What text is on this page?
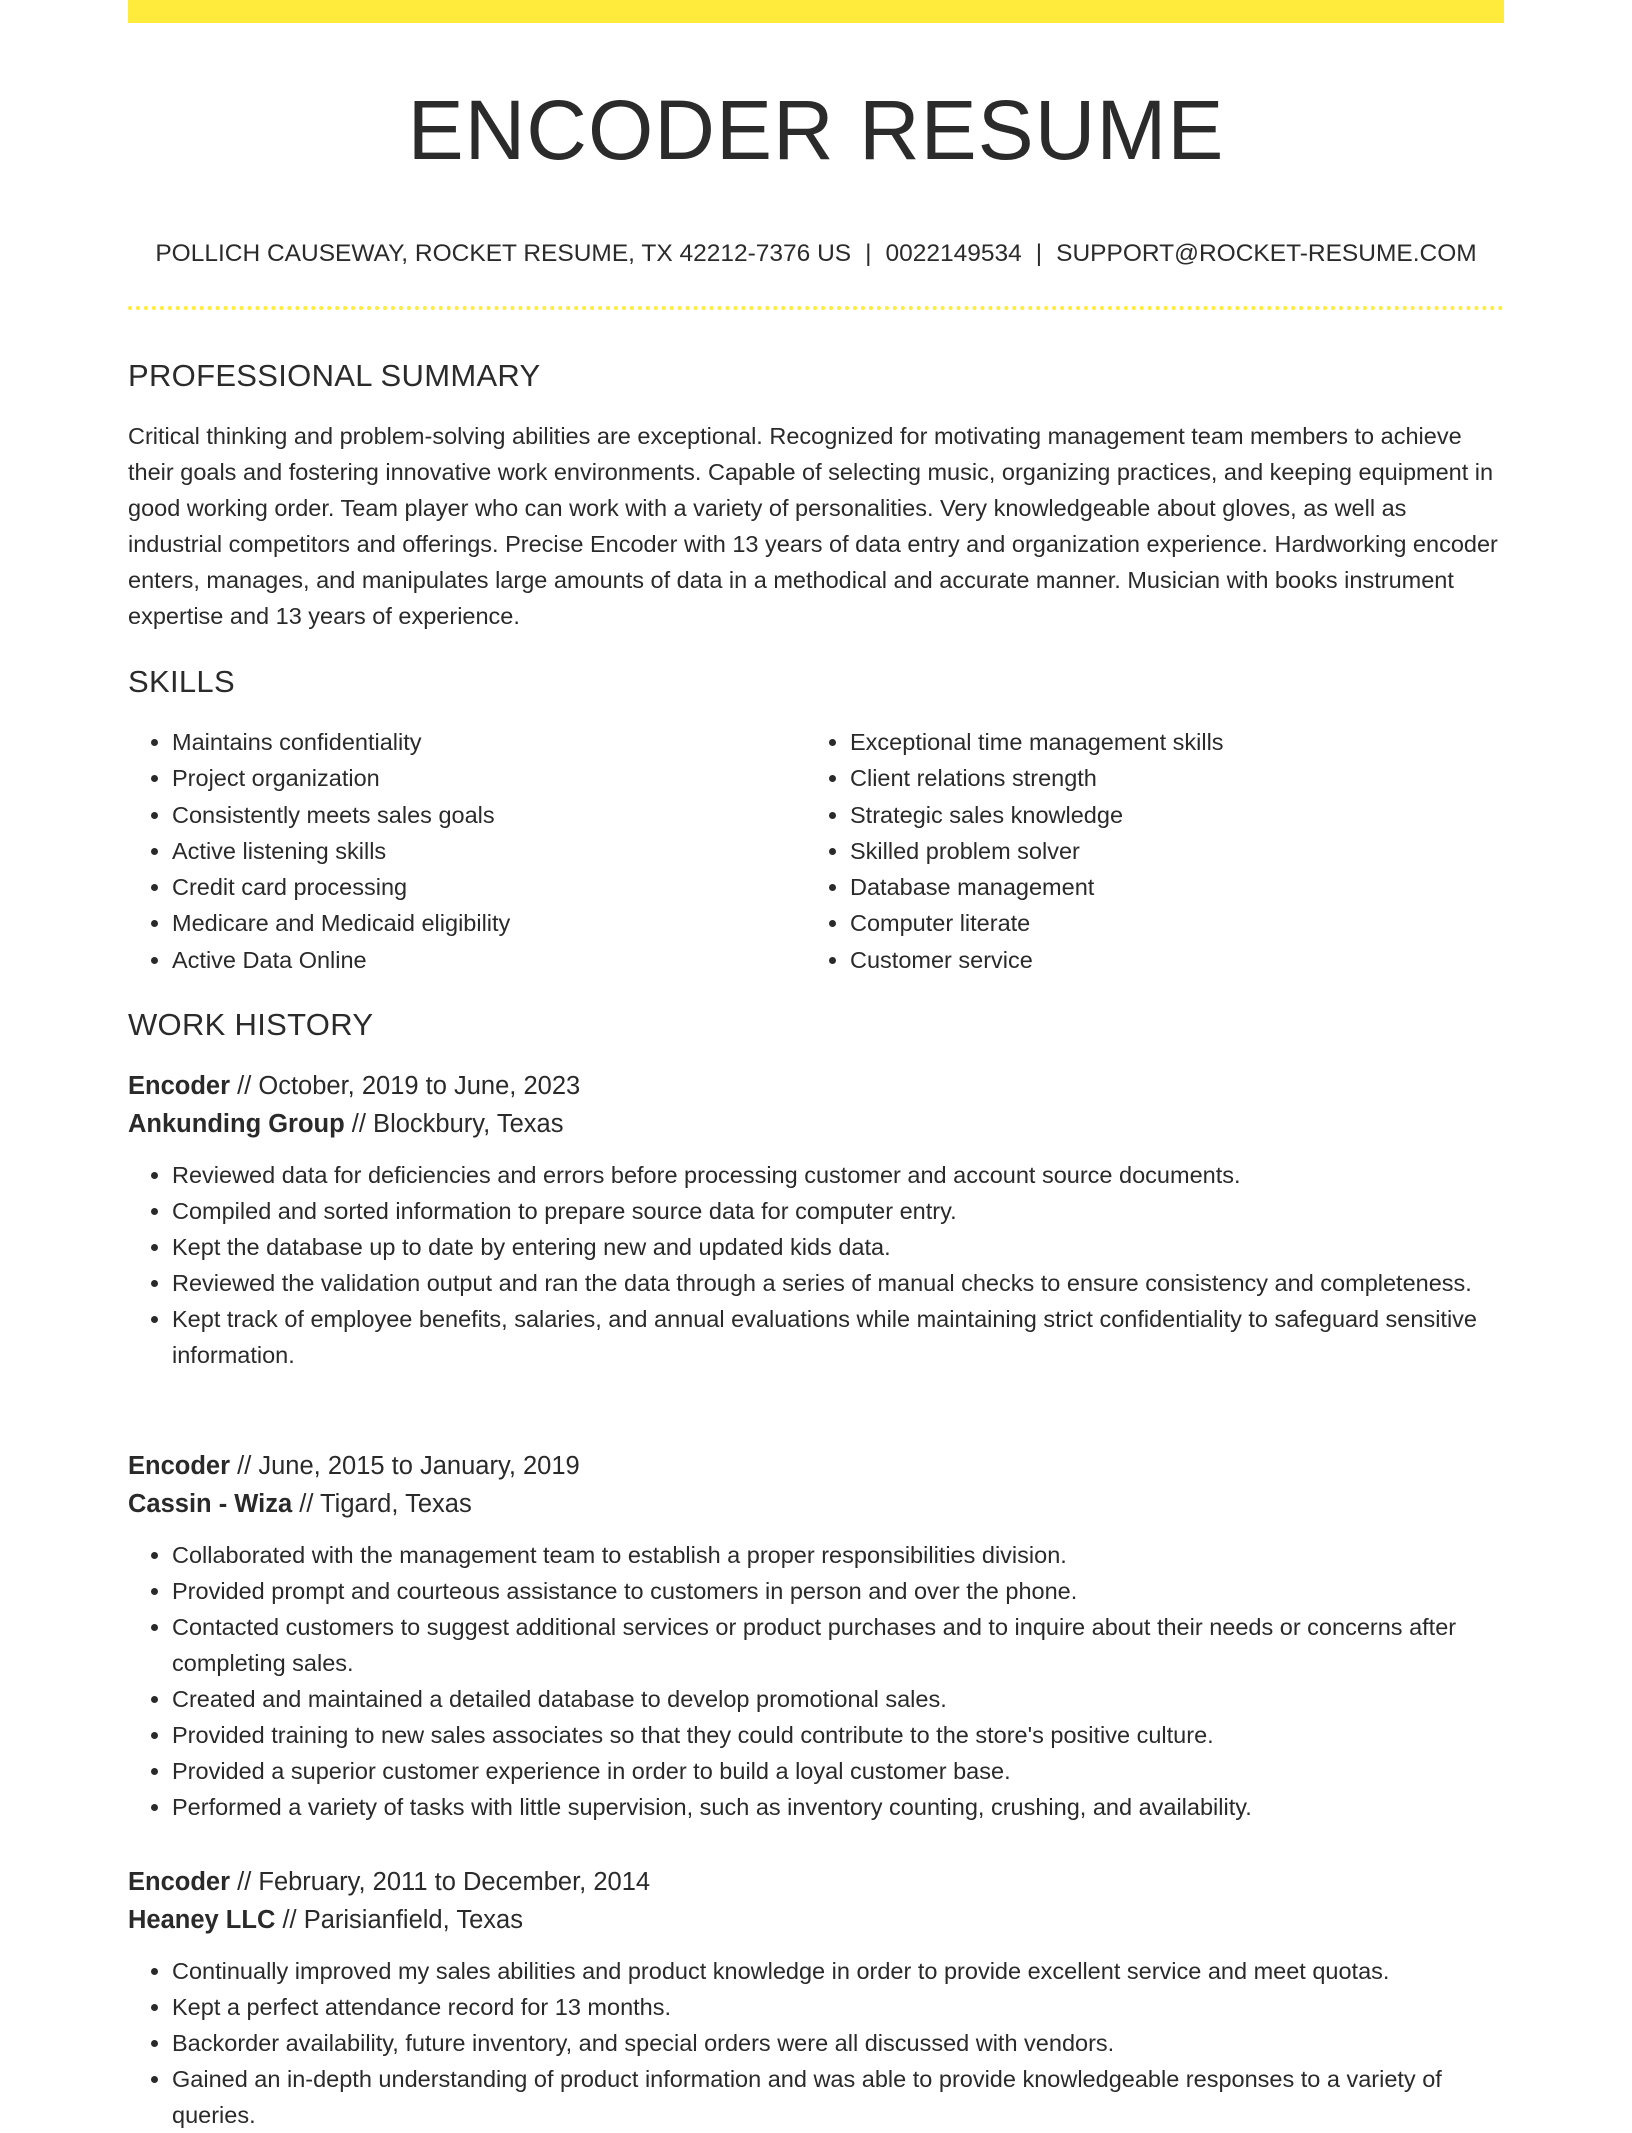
ENCODER RESUME
POLLICH CAUSEWAY, ROCKET RESUME, TX 42212-7376 US | 0022149534 | SUPPORT@ROCKET-RESUME.COM
PROFESSIONAL SUMMARY
Critical thinking and problem-solving abilities are exceptional. Recognized for motivating management team members to achieve their goals and fostering innovative work environments. Capable of selecting music, organizing practices, and keeping equipment in good working order. Team player who can work with a variety of personalities. Very knowledgeable about gloves, as well as industrial competitors and offerings. Precise Encoder with 13 years of data entry and organization experience. Hardworking encoder enters, manages, and manipulates large amounts of data in a methodical and accurate manner. Musician with books instrument expertise and 13 years of experience.
SKILLS
• Maintains confidentiality
• Project organization
• Consistently meets sales goals
• Active listening skills
• Credit card processing
• Medicare and Medicaid eligibility
• Active Data Online
• Exceptional time management skills
• Client relations strength
• Strategic sales knowledge
• Skilled problem solver
• Database management
• Computer literate
• Customer service
WORK HISTORY
Encoder // October, 2019 to June, 2023
Ankunding Group // Blockbury, Texas
• Reviewed data for deficiencies and errors before processing customer and account source documents.
• Compiled and sorted information to prepare source data for computer entry.
• Kept the database up to date by entering new and updated kids data.
• Reviewed the validation output and ran the data through a series of manual checks to ensure consistency and completeness.
• Kept track of employee benefits, salaries, and annual evaluations while maintaining strict confidentiality to safeguard sensitive information.
Encoder // June, 2015 to January, 2019
Cassin - Wiza // Tigard, Texas
• Collaborated with the management team to establish a proper responsibilities division.
• Provided prompt and courteous assistance to customers in person and over the phone.
• Contacted customers to suggest additional services or product purchases and to inquire about their needs or concerns after completing sales.
• Created and maintained a detailed database to develop promotional sales.
• Provided training to new sales associates so that they could contribute to the store's positive culture.
• Provided a superior customer experience in order to build a loyal customer base.
• Performed a variety of tasks with little supervision, such as inventory counting, crushing, and availability.
Encoder // February, 2011 to December, 2014
Heaney LLC // Parisianfield, Texas
• Continually improved my sales abilities and product knowledge in order to provide excellent service and meet quotas.
• Kept a perfect attendance record for 13 months.
• Backorder availability, future inventory, and special orders were all discussed with vendors.
• Gained an in-depth understanding of product information and was able to provide knowledgeable responses to a variety of queries.
